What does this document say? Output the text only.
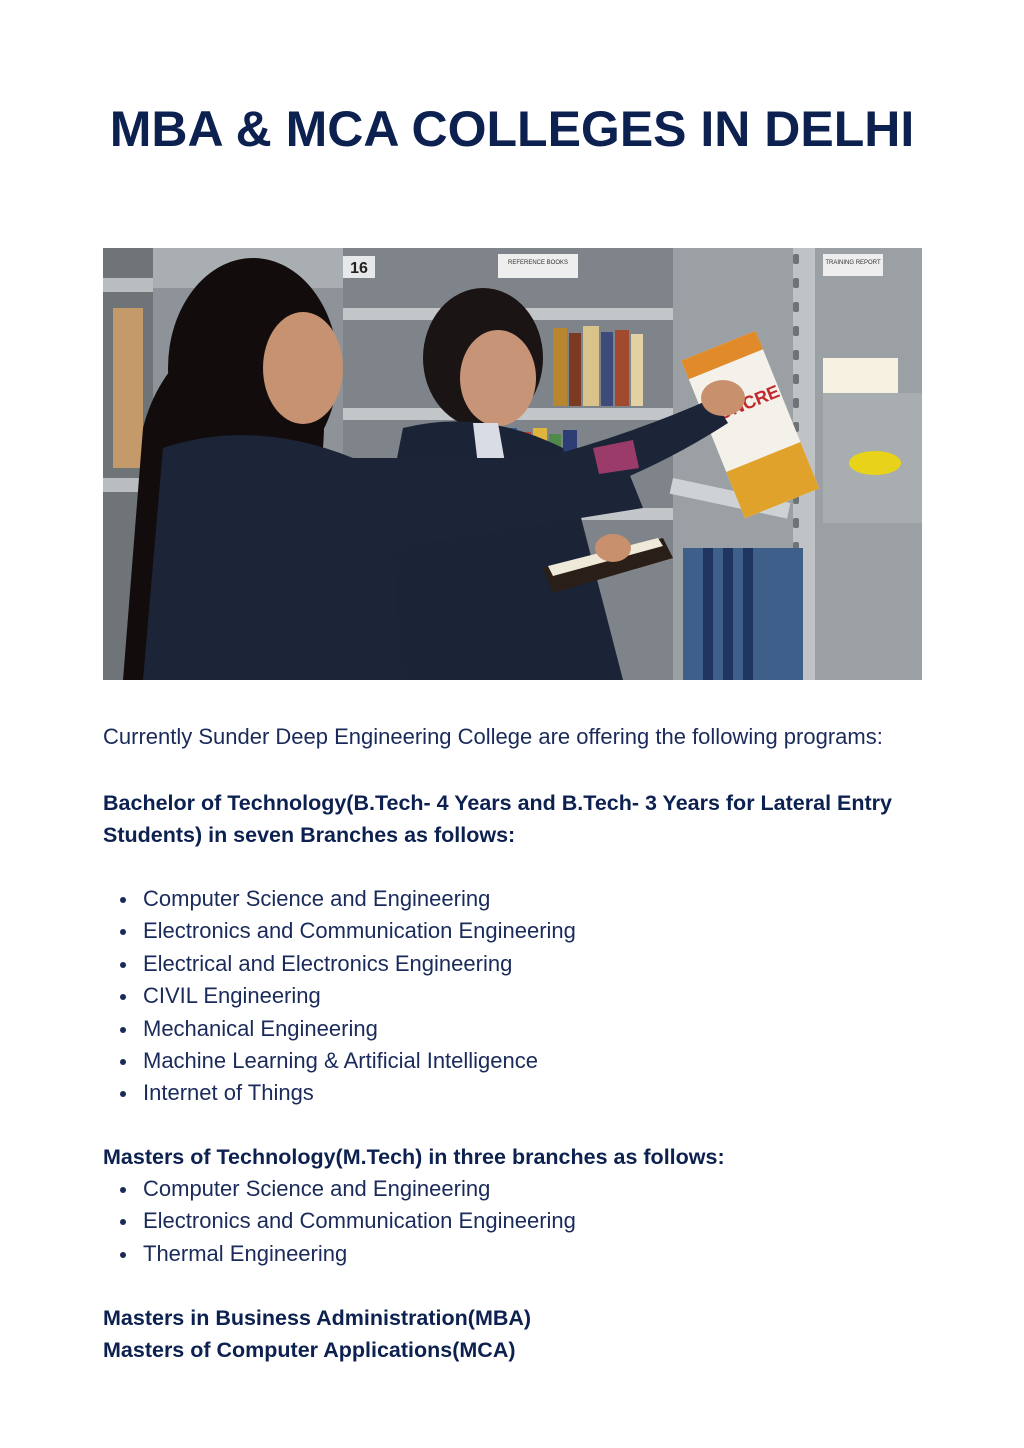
MBA & MCA COLLEGES IN DELHI
16	REFERENCE BOOKS	TRAINING REPORT

Currently Sunder Deep Engineering College are offering the following programs:

Bachelor of Technology(B.Tech- 4 Years and B.Tech- 3 Years for Lateral Entry Students) in seven Branches as follows:

Computer Science and Engineering
Electronics and Communication Engineering
Electrical and Electronics Engineering
CIVIL Engineering
Mechanical Engineering
Machine Learning & Artificial Intelligence
Internet of Things

Masters of Technology(M.Tech) in three branches as follows:

Computer Science and Engineering
Electronics and Communication Engineering
Thermal Engineering

Masters in Business Administration(MBA)

Masters of Computer Applications(MCA)
